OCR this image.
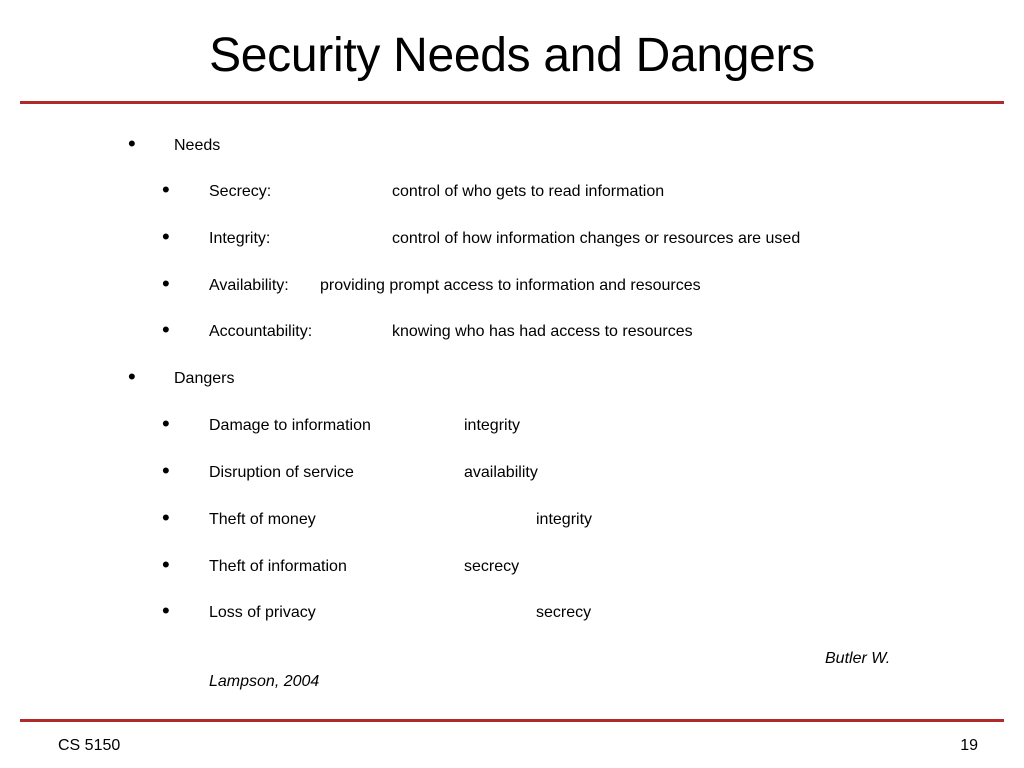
Security Needs and Dangers
• Needs
• Secrecy:	control of who gets to read information
• Integrity:	control of how information changes or resources are used
• Availability: providing prompt access to information and resources
• Accountability:	knowing who has had access to resources
• Dangers
• Damage to information	integrity
• Disruption of service	availability
• Theft of money	integrity
• Theft of information	secrecy
• Loss of privacy	secrecy
Butler W.
Lampson, 2004
CS 5150	19
